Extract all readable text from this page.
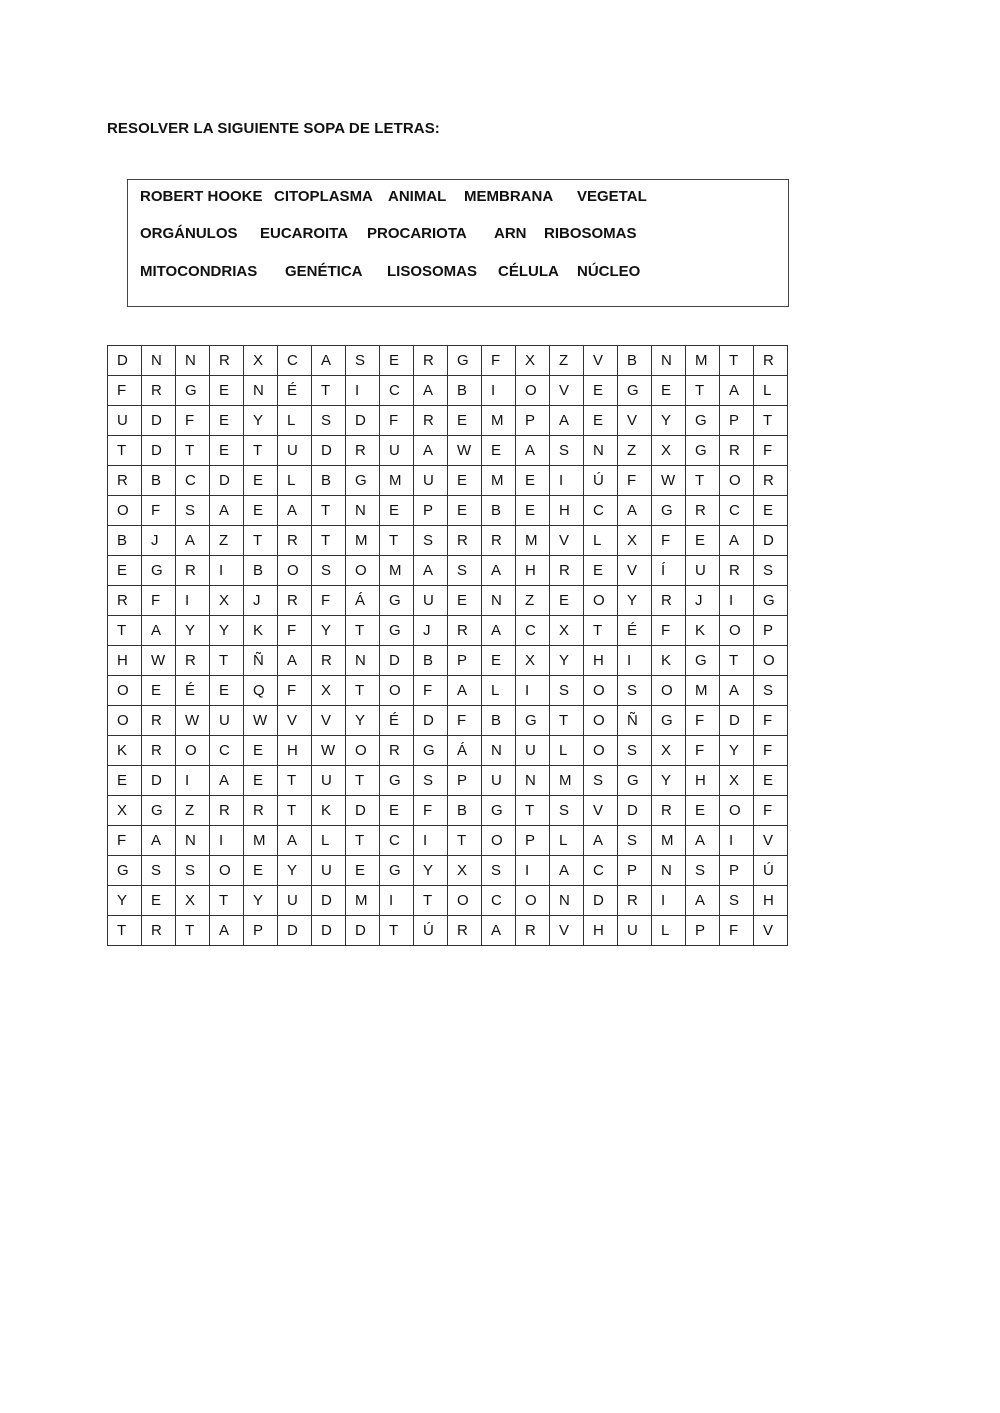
RESOLVER LA SIGUIENTE SOPA DE LETRAS:
ROBERT HOOKE CITOPLASMA ANIMAL MEMBRANA VEGETAL
ORGÁNULOS EUCAROITA PROCARIOTA ARN RIBOSOMAS
MITOCONDRIAS GENÉTICA LISOSOMAS CÉLULA NÚCLEO
D	N	N	R	X	C	A	S	E	R	G	F	X	Z	V	B	N	M	T	R
F	R	G	E	N	É	T	I	C	A	B	I	O	V	E	G	E	T	A	L
U	D	F	E	Y	L	S	D	F	R	E	M	P	A	E	V	Y	G	P	T
T	D	T	E	T	U	D	R	U	A	W	E	A	S	N	Z	X	G	R	F
R	B	C	D	E	L	B	G	M	U	E	M	E	I	Ú	F	W	T	O	R
O	F	S	A	E	A	T	N	E	P	E	B	E	H	C	A	G	R	C	E
B	J	A	Z	T	R	T	M	T	S	R	R	M	V	L	X	F	E	A	D
E	G	R	I	B	O	S	O	M	A	S	A	H	R	E	V	Í	U	R	S
R	F	I	X	J	R	F	Á	G	U	E	N	Z	E	O	Y	R	J	I	G
T	A	Y	Y	K	F	Y	T	G	J	R	A	C	X	T	É	F	K	O	P
H	W	R	T	Ñ	A	R	N	D	B	P	E	X	Y	H	I	K	G	T	O
O	E	É	E	Q	F	X	T	O	F	A	L	I	S	O	S	O	M	A	S
O	R	W	U	W	V	V	Y	É	D	F	B	G	T	O	Ñ	G	F	D	F
K	R	O	C	E	H	W	O	R	G	Á	N	U	L	O	S	X	F	Y	F
E	D	I	A	E	T	U	T	G	S	P	U	N	M	S	G	Y	H	X	E
X	G	Z	R	R	T	K	D	E	F	B	G	T	S	V	D	R	E	O	F
F	A	N	I	M	A	L	T	C	I	T	O	P	L	A	S	M	A	I	V
G	S	S	O	E	Y	U	E	G	Y	X	S	I	A	C	P	N	S	P	Ú
Y	E	X	T	Y	U	D	M	I	T	O	C	O	N	D	R	I	A	S	H
T	R	T	A	P	D	D	D	T	Ú	R	A	R	V	H	U	L	P	F	V
